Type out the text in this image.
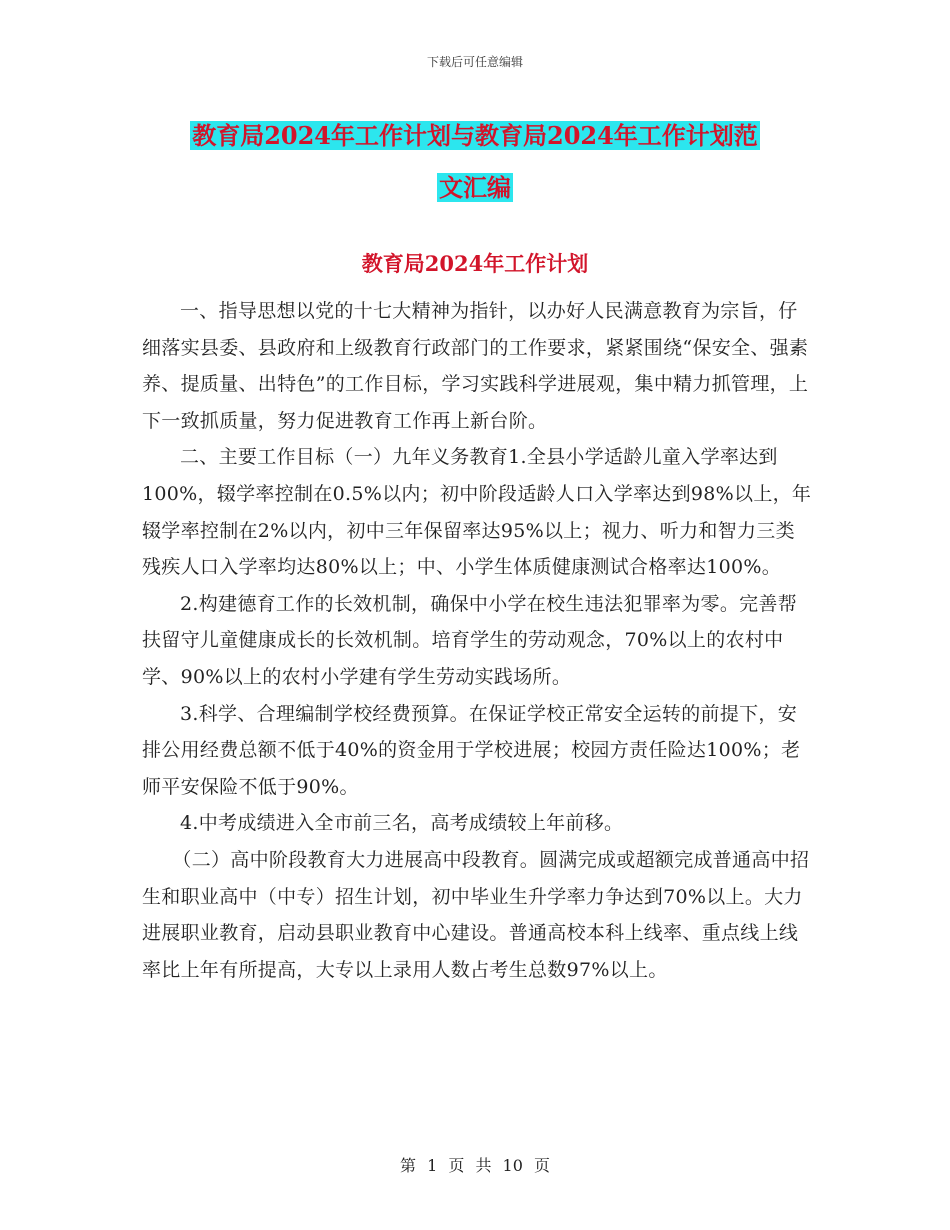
下载后可任意编辑
教育局2024年工作计划与教育局2024年工作计划范
文汇编
教育局2024年工作计划

一、指导思想以党的十七大精神为指针，以办好人民满意教育为宗旨，仔细落实县委、县政府和上级教育行政部门的工作要求，紧紧围绕“保安全、强素养、提质量、出特色”的工作目标，学习实践科学进展观，集中精力抓管理，上下一致抓质量，努力促进教育工作再上新台阶。

二、主要工作目标（一）九年义务教育1.全县小学适龄儿童入学率达到100%，辍学率控制在0.5%以内；初中阶段适龄人口入学率达到98%以上，年辍学率控制在2%以内，初中三年保留率达95%以上；视力、听力和智力三类残疾人口入学率均达80%以上；中、小学生体质健康测试合格率达100%。

2.构建德育工作的长效机制，确保中小学在校生违法犯罪率为零。完善帮扶留守儿童健康成长的长效机制。培育学生的劳动观念，70%以上的农村中学、90%以上的农村小学建有学生劳动实践场所。

3.科学、合理编制学校经费预算。在保证学校正常安全运转的前提下，安排公用经费总额不低于40%的资金用于学校进展；校园方责任险达100%；老师平安保险不低于90%。

4.中考成绩进入全市前三名，高考成绩较上年前移。

（二）高中阶段教育大力进展高中段教育。圆满完成或超额完成普通高中招生和职业高中（中专）招生计划，初中毕业生升学率力争达到70%以上。大力进展职业教育，启动县职业教育中心建设。普通高校本科上线率、重点线上线率比上年有所提高，大专以上录用人数占考生总数97%以上。

第 1 页 共 10 页
